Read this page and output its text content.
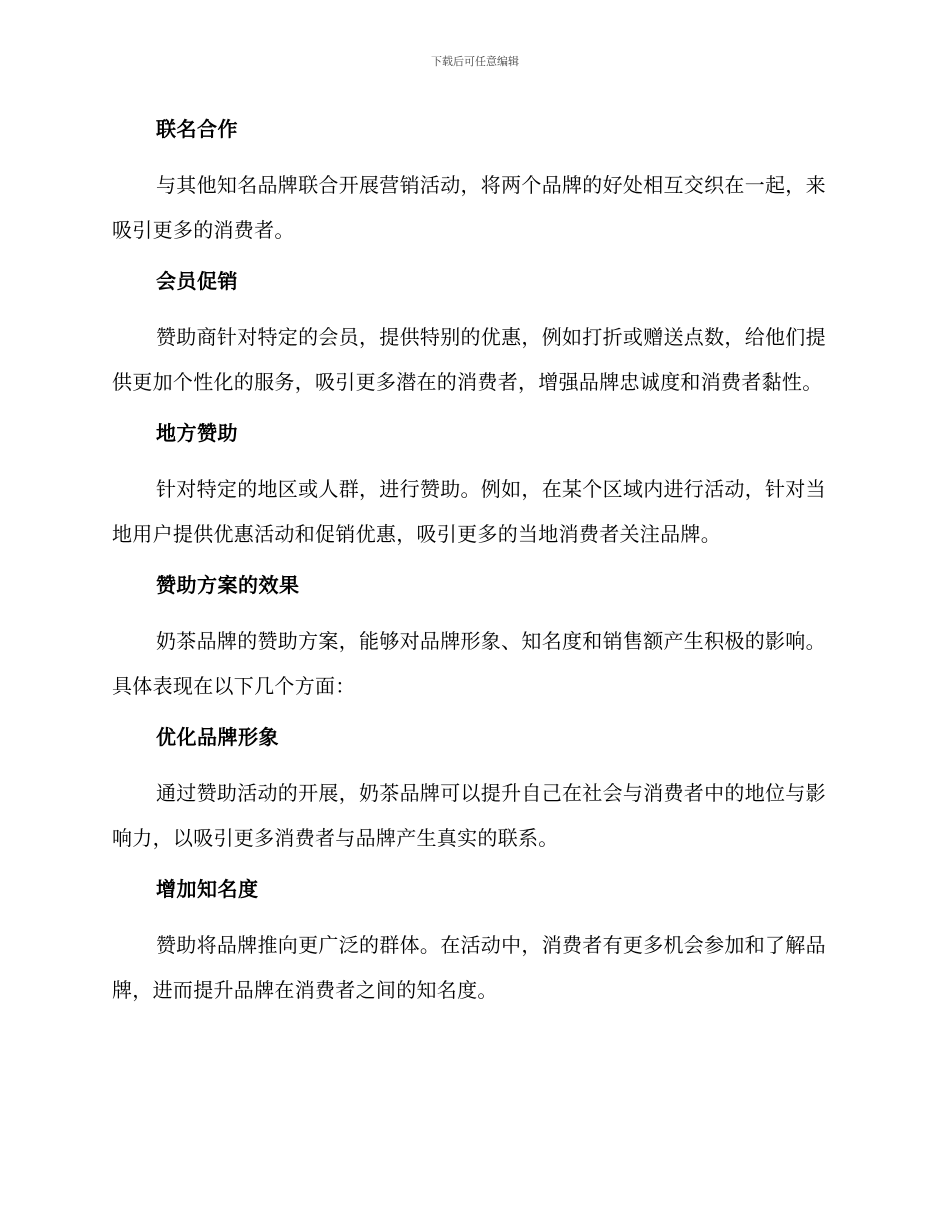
下载后可任意编辑
联名合作

与其他知名品牌联合开展营销活动，将两个品牌的好处相互交织在一起，来吸引更多的消费者。

会员促销

赞助商针对特定的会员，提供特别的优惠，例如打折或赠送点数，给他们提供更加个性化的服务，吸引更多潜在的消费者，增强品牌忠诚度和消费者黏性。

地方赞助

针对特定的地区或人群，进行赞助。例如，在某个区域内进行活动，针对当地用户提供优惠活动和促销优惠，吸引更多的当地消费者关注品牌。

赞助方案的效果

奶茶品牌的赞助方案，能够对品牌形象、知名度和销售额产生积极的影响。具体表现在以下几个方面：

优化品牌形象

通过赞助活动的开展，奶茶品牌可以提升自己在社会与消费者中的地位与影响力，以吸引更多消费者与品牌产生真实的联系。

增加知名度

赞助将品牌推向更广泛的群体。在活动中，消费者有更多机会参加和了解品牌，进而提升品牌在消费者之间的知名度。
